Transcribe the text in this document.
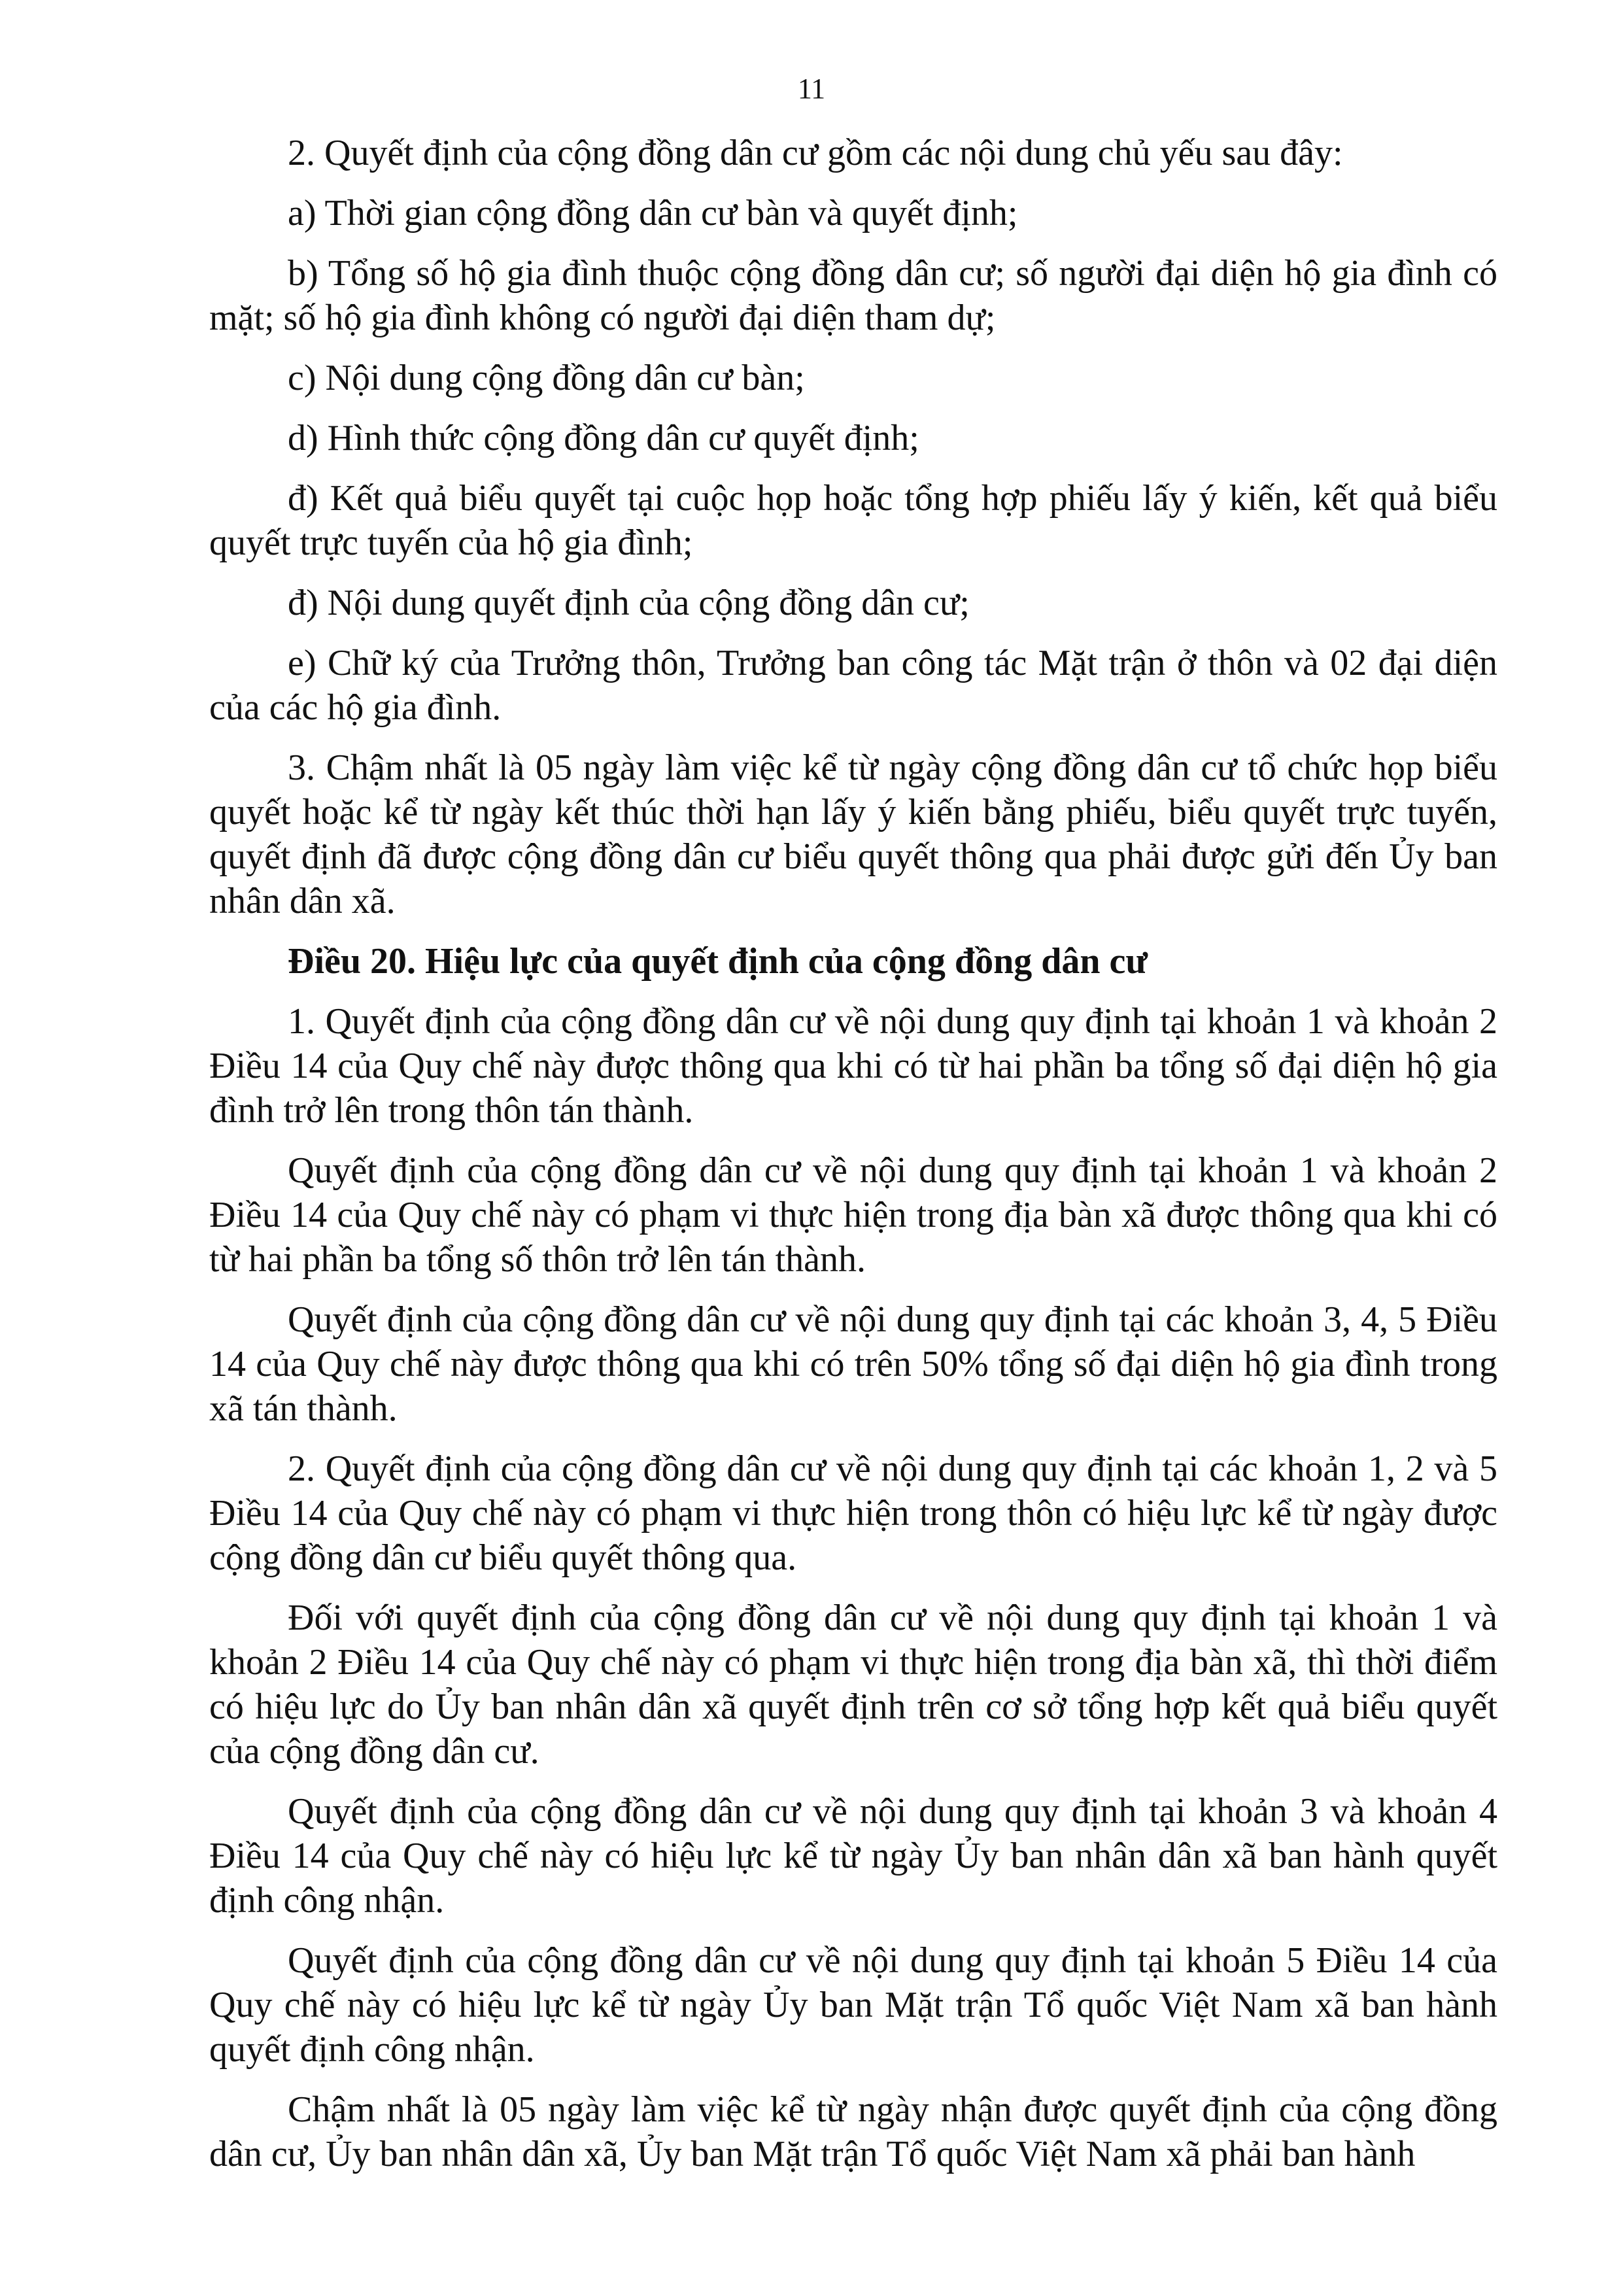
11

2. Quyết định của cộng đồng dân cư gồm các nội dung chủ yếu sau đây:

a) Thời gian cộng đồng dân cư bàn và quyết định;

b) Tổng số hộ gia đình thuộc cộng đồng dân cư; số người đại diện hộ gia đình có mặt; số hộ gia đình không có người đại diện tham dự;

c) Nội dung cộng đồng dân cư bàn;

d) Hình thức cộng đồng dân cư quyết định;

đ) Kết quả biểu quyết tại cuộc họp hoặc tổng hợp phiếu lấy ý kiến, kết quả biểu quyết trực tuyến của hộ gia đình;

đ) Nội dung quyết định của cộng đồng dân cư;

e) Chữ ký của Trưởng thôn, Trưởng ban công tác Mặt trận ở thôn và 02 đại diện của các hộ gia đình.

3. Chậm nhất là 05 ngày làm việc kể từ ngày cộng đồng dân cư tổ chức họp biểu quyết hoặc kể từ ngày kết thúc thời hạn lấy ý kiến bằng phiếu, biểu quyết trực tuyến, quyết định đã được cộng đồng dân cư biểu quyết thông qua phải được gửi đến Ủy ban nhân dân xã.

Điều 20. Hiệu lực của quyết định của cộng đồng dân cư

1. Quyết định của cộng đồng dân cư về nội dung quy định tại khoản 1 và khoản 2 Điều 14 của Quy chế này được thông qua khi có từ hai phần ba tổng số đại diện hộ gia đình trở lên trong thôn tán thành.

Quyết định của cộng đồng dân cư về nội dung quy định tại khoản 1 và khoản 2 Điều 14 của Quy chế này có phạm vi thực hiện trong địa bàn xã được thông qua khi có từ hai phần ba tổng số thôn trở lên tán thành.

Quyết định của cộng đồng dân cư về nội dung quy định tại các khoản 3, 4, 5 Điều 14 của Quy chế này được thông qua khi có trên 50% tổng số đại diện hộ gia đình trong xã tán thành.

2. Quyết định của cộng đồng dân cư về nội dung quy định tại các khoản 1, 2 và 5 Điều 14 của Quy chế này có phạm vi thực hiện trong thôn có hiệu lực kể từ ngày được cộng đồng dân cư biểu quyết thông qua.

Đối với quyết định của cộng đồng dân cư về nội dung quy định tại khoản 1 và khoản 2 Điều 14 của Quy chế này có phạm vi thực hiện trong địa bàn xã, thì thời điểm có hiệu lực do Ủy ban nhân dân xã quyết định trên cơ sở tổng hợp kết quả biểu quyết của cộng đồng dân cư.

Quyết định của cộng đồng dân cư về nội dung quy định tại khoản 3 và khoản 4 Điều 14 của Quy chế này có hiệu lực kể từ ngày Ủy ban nhân dân xã ban hành quyết định công nhận.

Quyết định của cộng đồng dân cư về nội dung quy định tại khoản 5 Điều 14 của Quy chế này có hiệu lực kể từ ngày Ủy ban Mặt trận Tổ quốc Việt Nam xã ban hành quyết định công nhận.

Chậm nhất là 05 ngày làm việc kể từ ngày nhận được quyết định của cộng đồng dân cư, Ủy ban nhân dân xã, Ủy ban Mặt trận Tổ quốc Việt Nam xã phải ban hành
